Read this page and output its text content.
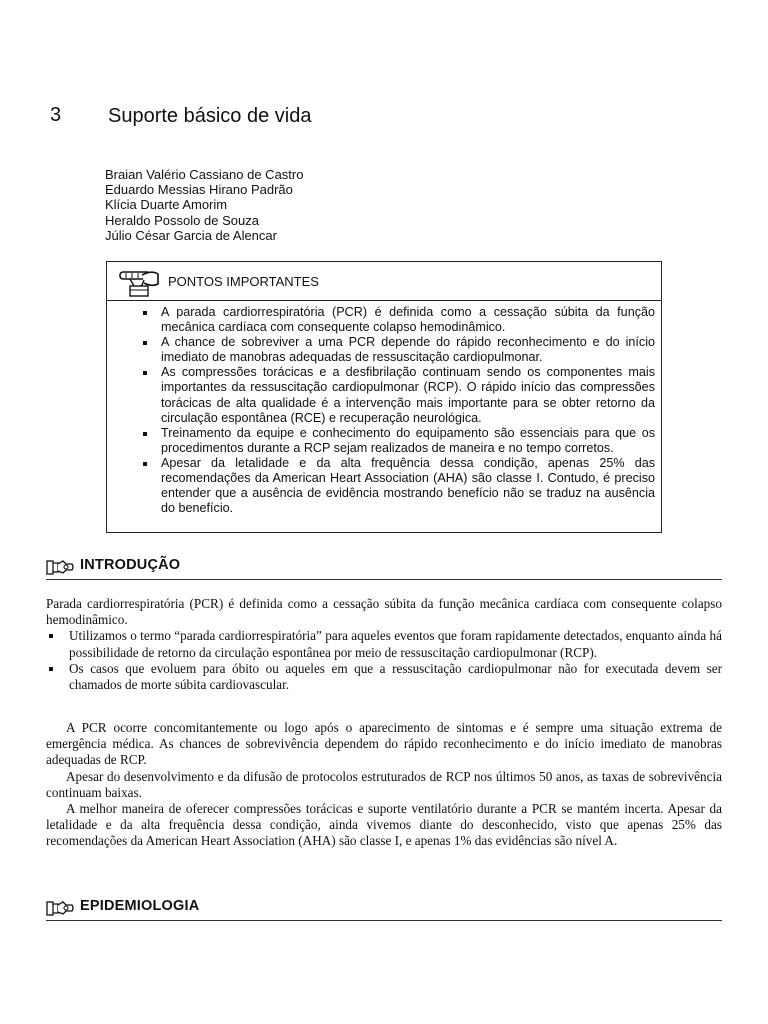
3 Suporte básico de vida
Braian Valério Cassiano de Castro
Eduardo Messias Hirano Padrão
Klícia Duarte Amorim
Heraldo Possolo de Souza
Júlio César Garcia de Alencar
PONTOS IMPORTANTES
A parada cardiorrespiratória (PCR) é definida como a cessação súbita da função mecânica cardíaca com consequente colapso hemodinâmico.
A chance de sobreviver a uma PCR depende do rápido reconhecimento e do início imediato de manobras adequadas de ressuscitação cardiopulmonar.
As compressões torácicas e a desfibrilação continuam sendo os componentes mais importantes da ressuscitação cardiopulmonar (RCP). O rápido início das compressões torácicas de alta qualidade é a intervenção mais importante para se obter retorno da circulação espontânea (RCE) e recuperação neurológica.
Treinamento da equipe e conhecimento do equipamento são essenciais para que os procedimentos durante a RCP sejam realizados de maneira e no tempo corretos.
Apesar da letalidade e da alta frequência dessa condição, apenas 25% das recomendações da American Heart Association (AHA) são classe I. Contudo, é preciso entender que a ausência de evidência mostrando benefício não se traduz na ausência do benefício.
INTRODUÇÃO

Parada cardiorrespiratória (PCR) é definida como a cessação súbita da função mecânica cardíaca com consequente colapso hemodinâmico.

Utilizamos o termo “parada cardiorrespiratória” para aqueles eventos que foram rapidamente detectados, enquanto ainda há possibilidade de retorno da circulação espontânea por meio de ressuscitação cardiopulmonar (RCP).
Os casos que evoluem para óbito ou aqueles em que a ressuscitação cardiopulmonar não for executada devem ser chamados de morte súbita cardiovascular.

A PCR ocorre concomitantemente ou logo após o aparecimento de sintomas e é sempre uma situação extrema de emergência médica. As chances de sobrevivência dependem do rápido reconhecimento e do início imediato de manobras adequadas de RCP.

Apesar do desenvolvimento e da difusão de protocolos estruturados de RCP nos últimos 50 anos, as taxas de sobrevivência continuam baixas.

A melhor maneira de oferecer compressões torácicas e suporte ventilatório durante a PCR se mantém incerta. Apesar da letalidade e da alta frequência dessa condição, ainda vivemos diante do desconhecido, visto que apenas 25% das recomendações da American Heart Association (AHA) são classe I, e apenas 1% das evidências são nível A.

EPIDEMIOLOGIA
